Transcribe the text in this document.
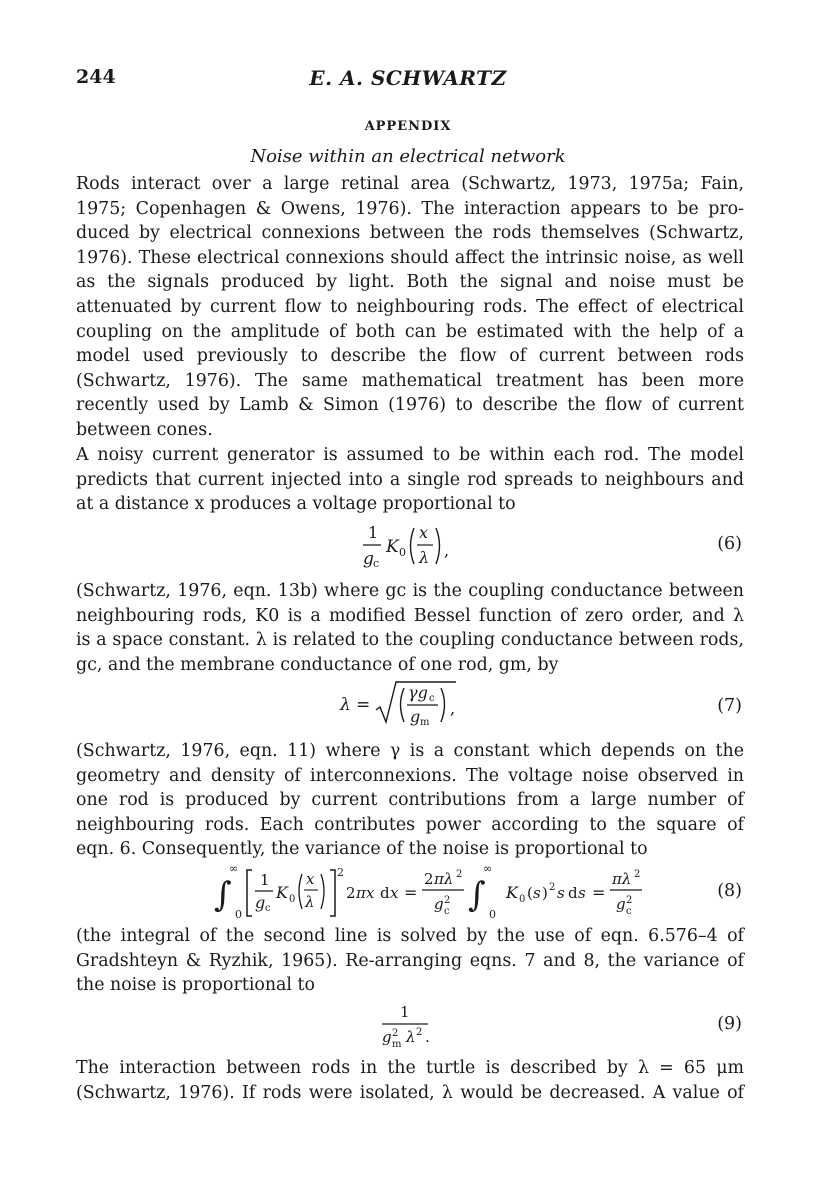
244	E. A. SCHWARTZ
APPENDIX
Noise within an electrical network
Rods interact over a large retinal area (Schwartz, 1973, 1975a; Fain,
1975; Copenhagen & Owens, 1976). The interaction appears to be pro-
duced by electrical connexions between the rods themselves (Schwartz,
1976). These electrical connexions should affect the intrinsic noise, as well
as the signals produced by light. Both the signal and noise must be
attenuated by current flow to neighbouring rods. The effect of electrical
coupling on the amplitude of both can be estimated with the help of a
model used previously to describe the flow of current between rods
(Schwartz, 1976). The same mathematical treatment has been more
recently used by Lamb & Simon (1976) to describe the flow of current
between cones.
A noisy current generator is assumed to be within each rod. The model
predicts that current injected into a single rod spreads to neighbours and
at a distance x produces a voltage proportional to
1
g c
K 0
x
λ ,	(6)
(Schwartz, 1976, eqn. 13b) where gc is the coupling conductance between
neighbouring rods, K0 is a modified Bessel function of zero order, and λ
is a space constant. λ is related to the coupling conductance between rods,
gc, and the membrane conductance of one rod, gm, by
λ =
γg c
g m
,	(7)
(Schwartz, 1976, eqn. 11) where γ is a constant which depends on the
geometry and density of interconnexions. The voltage noise observed in
one rod is produced by current contributions from a large number of
neighbouring rods. Each contributes power according to the square of
eqn. 6. Consequently, the variance of the noise is proportional to
∫
∞
0
1
g c
K 0
x
λ
2
2 πx d x =
2 πλ 2
g 2
c ∫
∞
0
K 0 ( s ) 2 s d s =
πλ 2
g 2
c
(8)
(the integral of the second line is solved by the use of eqn. 6.576–4 of
Gradshteyn & Ryzhik, 1965). Re-arranging eqns. 7 and 8, the variance of
the noise is proportional to
1
g 2
m λ 2 .
(9)
The interaction between rods in the turtle is described by λ = 65 μm
(Schwartz, 1976). If rods were isolated, λ would be decreased. A value of
